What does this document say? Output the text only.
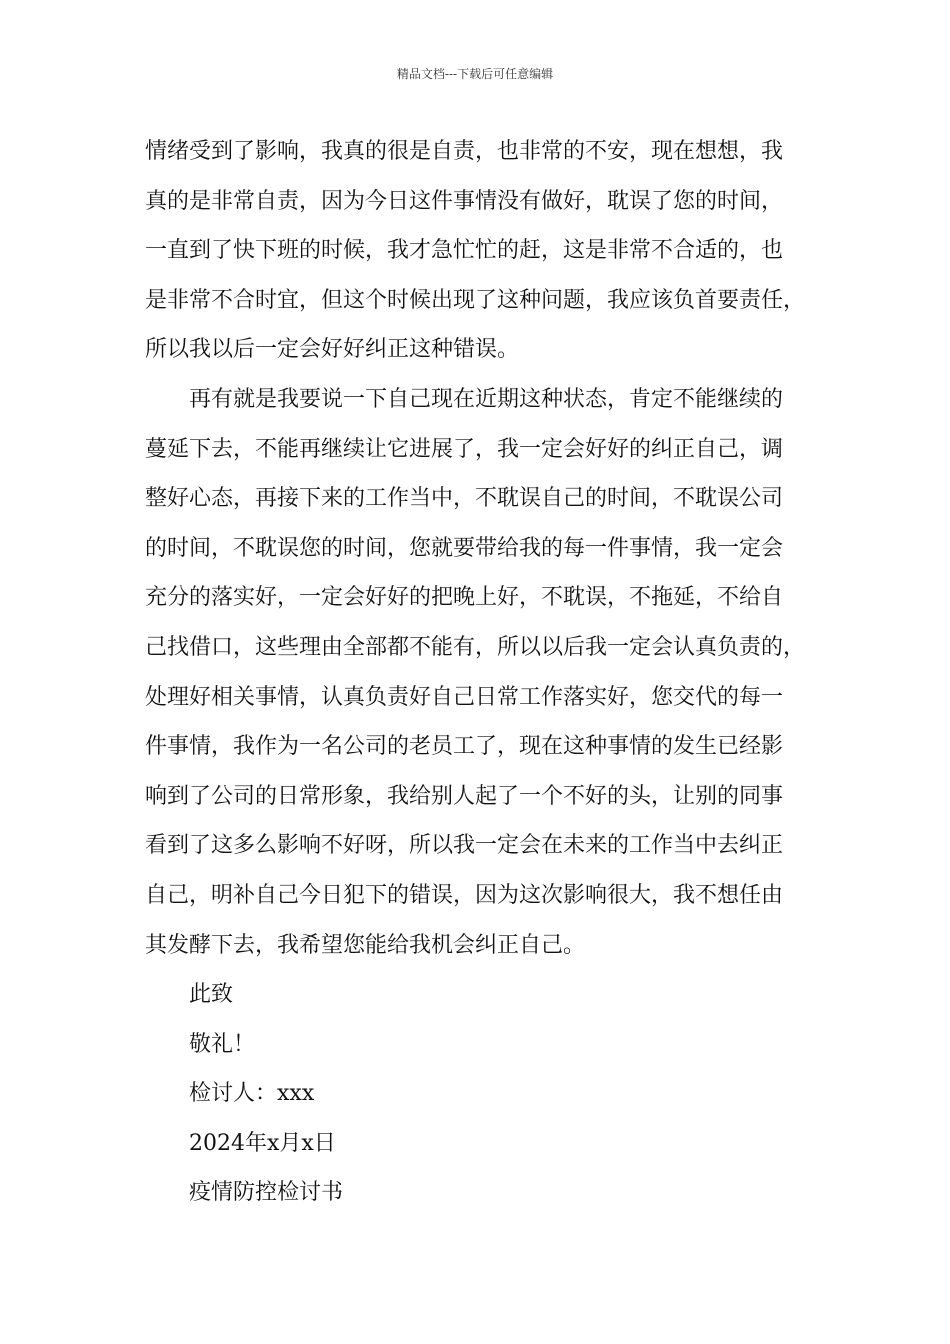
精品文档---下载后可任意编辑
情绪受到了影响，我真的很是自责，也非常的不安，现在想想，我
真的是非常自责，因为今日这件事情没有做好，耽误了您的时间，
一直到了快下班的时候，我才急忙忙的赶，这是非常不合适的，也
是非常不合时宜，但这个时候出现了这种问题，我应该负首要责任，
所以我以后一定会好好纠正这种错误。
再有就是我要说一下自己现在近期这种状态，肯定不能继续的
蔓延下去，不能再继续让它进展了，我一定会好好的纠正自己，调
整好心态，再接下来的工作当中，不耽误自己的时间，不耽误公司
的时间，不耽误您的时间，您就要带给我的每一件事情，我一定会
充分的落实好，一定会好好的把晚上好，不耽误，不拖延，不给自
己找借口，这些理由全部都不能有，所以以后我一定会认真负责的，
处理好相关事情，认真负责好自己日常工作落实好，您交代的每一
件事情，我作为一名公司的老员工了，现在这种事情的发生已经影
响到了公司的日常形象，我给别人起了一个不好的头，让别的同事
看到了这多么影响不好呀，所以我一定会在未来的工作当中去纠正
自己，明补自己今日犯下的错误，因为这次影响很大，我不想任由
其发酵下去，我希望您能给我机会纠正自己。
此致
敬礼！
检讨人：xxx
2024年x月x日
疫情防控检讨书
